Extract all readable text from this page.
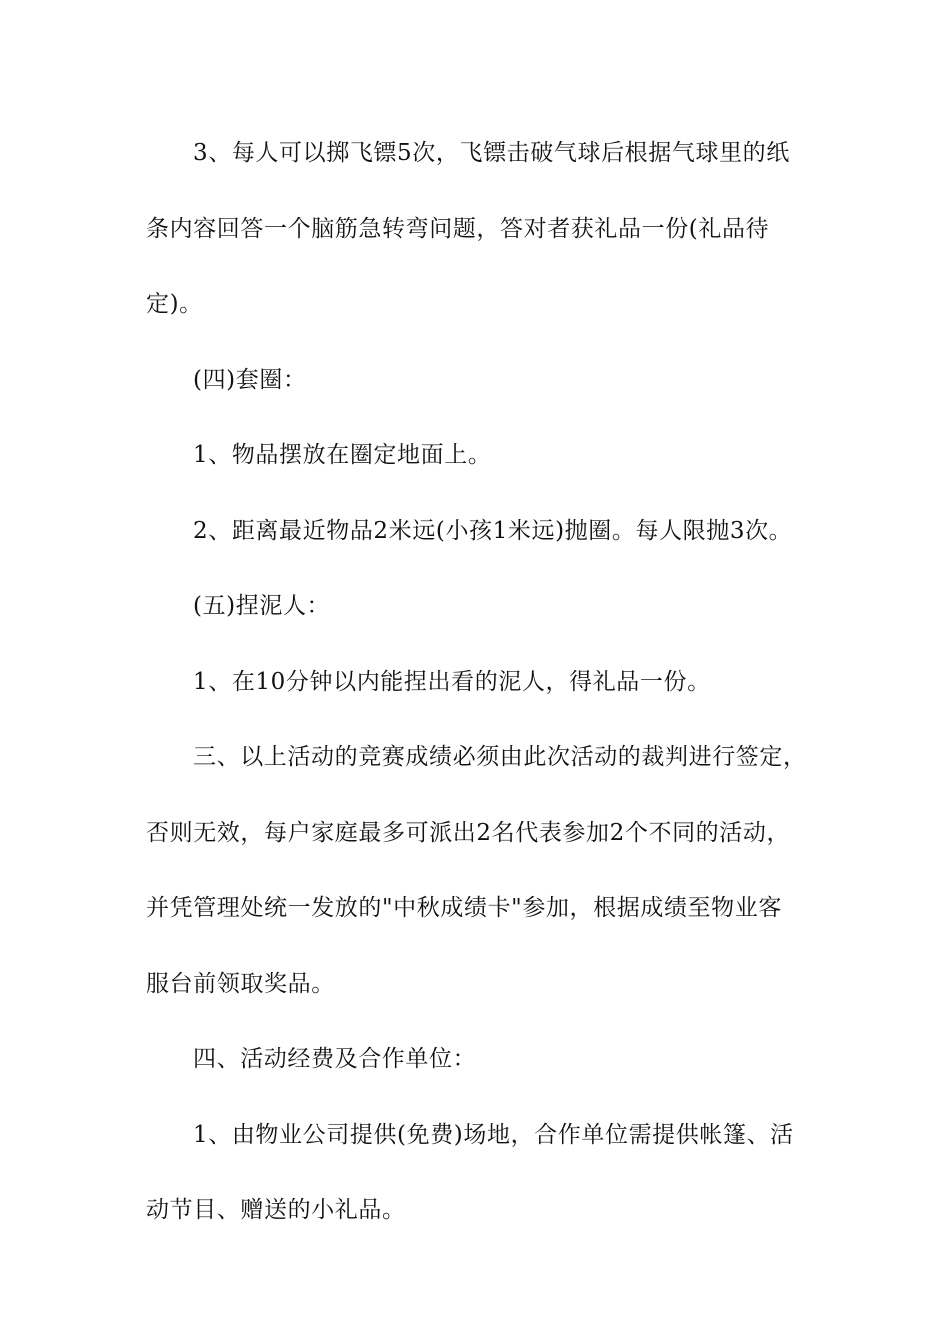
3、每人可以掷飞镖5次，飞镖击破气球后根据气球里的纸
条内容回答一个脑筋急转弯问题，答对者获礼品一份(礼品待
定)。
(四)套圈：
1、物品摆放在圈定地面上。
2、距离最近物品2米远(小孩1米远)抛圈。每人限抛3次。
(五)捏泥人：
1、在10分钟以内能捏出看的泥人，得礼品一份。
三、以上活动的竞赛成绩必须由此次活动的裁判进行签定，
否则无效，每户家庭最多可派出2名代表参加2个不同的活动，
并凭管理处统一发放的"中秋成绩卡"参加，根据成绩至物业客
服台前领取奖品。
四、活动经费及合作单位：
1、由物业公司提供(免费)场地，合作单位需提供帐篷、活
动节目、赠送的小礼品。
